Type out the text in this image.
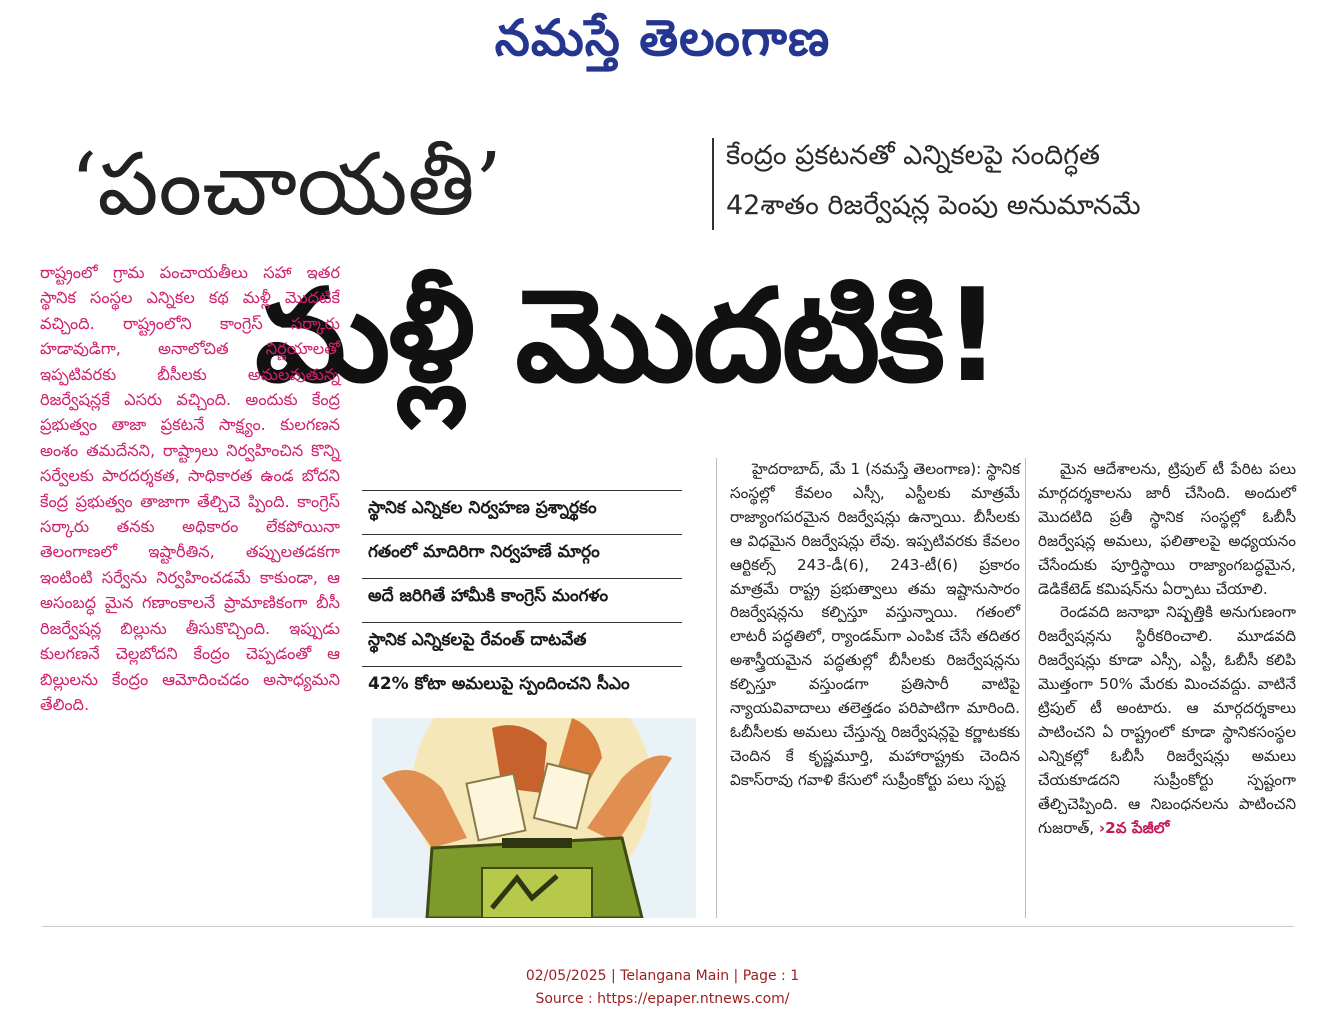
నమస్తే తెలంగాణ
‘పంచాయతీ’	కేంద్రం ప్రకటనతో ఎన్నికలపై సందిగ్ధత
42శాతం రిజర్వేషన్ల పెంపు అనుమానమే
మళ్లీ మొదటికి!

రాష్ట్రంలో గ్రామ పంచాయతీలు సహా ఇతర స్థానిక సంస్థల ఎన్నికల కథ మళ్లీ మొదటికే వచ్చింది. రాష్ట్రంలోని కాంగ్రెస్ సర్కారు హడావుడిగా, అనాలోచిత నిర్ణయాలతో ఇప్పటివరకు బీసీలకు అమలవుతున్న రిజర్వేషన్లకే ఎసరు వచ్చింది. అందుకు కేంద్ర ప్రభుత్వం తాజా ప్రకటనే సాక్ష్యం. కులగణన అంశం తమదేనని, రాష్ట్రాలు నిర్వహించిన కొన్ని సర్వేలకు పారదర్శకత, సాధికారత ఉండ బోదని కేంద్ర ప్రభుత్వం తాజాగా తేల్చిచె ప్పింది. కాంగ్రెస్ సర్కారు తనకు అధికారం లేకపోయినా తెలంగాణలో ఇష్టారీతిన, తప్పులతడకగా ఇంటింటి సర్వేను నిర్వహించడమే కాకుండా, ఆ అసంబద్ధ మైన గణాంకాలనే ప్రామాణికంగా బీసీ రిజర్వేషన్ల బిల్లును తీసుకొచ్చింది. ఇప్పుడు కులగణనే చెల్లబోదని కేంద్రం చెప్పడంతో ఆ బిల్లులను కేంద్రం ఆమోదించడం అసాధ్యమని తేలింది.

స్థానిక ఎన్నికల నిర్వహణ ప్రశ్నార్థకం
గతంలో మాదిరిగా నిర్వహణే మార్గం
అదే జరిగితే హామీకి కాంగ్రెస్ మంగళం
స్థానిక ఎన్నికలపై రేవంత్ దాటవేత
42% కోటా అమలుపై స్పందించని సీఎం

హైదరాబాద్, మే 1 (నమస్తే తెలంగాణ): స్థానిక సంస్థల్లో కేవలం ఎస్సీ, ఎస్టీలకు మాత్రమే రాజ్యాంగపరమైన రిజర్వేషన్లు ఉన్నాయి. బీసీలకు ఆ విధమైన రిజర్వేషన్లు లేవు. ఇప్పటివరకు కేవలం ఆర్టికల్స్ 243-డీ(6), 243-టీ(6) ప్రకారం మాత్రమే రాష్ట్ర ప్రభుత్వాలు తమ ఇష్టానుసారం రిజర్వేషన్లను కల్పిస్తూ వస్తున్నాయి. గతంలో లాటరీ పద్ధతిలో, ర్యాండమ్‌గా ఎంపిక చేసే తదితర అశాస్త్రీయమైన పద్ధతుల్లో బీసీలకు రిజర్వేషన్లను కల్పిస్తూ వస్తుండగా ప్రతిసారీ వాటిపై న్యాయవివాదాలు తలెత్తడం పరిపాటిగా మారింది. ఓబీసీలకు అమలు చేస్తున్న రిజర్వేషన్లపై కర్ణాటకకు చెందిన కే కృష్ణమూర్తి, మహారాష్ట్రకు చెందిన వికాస్‌రావు గవాళి కేసులో సుప్రీంకోర్టు పలు స్పష్ట

మైన ఆదేశాలను, ట్రిపుల్ టీ పేరిట పలు మార్గదర్శకాలను జారీ చేసింది. అందులో మొదటిది ప్రతీ స్థానిక సంస్థల్లో ఓబీసీ రిజర్వేషన్ల అమలు, ఫలితాలపై అధ్యయనం చేసేందుకు పూర్తిస్థాయి రాజ్యాంగబద్ధమైన, డెడికేటెడ్ కమిషన్‌ను ఏర్పాటు చేయాలి.

రెండవది జనాభా నిష్పత్తికి అనుగుణంగా రిజర్వేషన్లను స్థిరీకరించాలి. మూడవది రిజర్వేషన్లు కూడా ఎస్సీ, ఎస్టీ, ఓబీసీ కలిపి మొత్తంగా 50% మేరకు మించవద్దు. వాటినే ట్రిపుల్ టీ అంటారు. ఆ మార్గదర్శకాలు పాటించని ఏ రాష్ట్రంలో కూడా స్థానికసంస్థల ఎన్నికల్లో ఓబీసీ రిజర్వేషన్లు అమలు చేయకూడదని సుప్రీంకోర్టు స్పష్టంగా తేల్చిచెప్పింది. ఆ నిబంధనలను పాటించని గుజరాత్, ›2వ పేజీలో

02/05/2025 | Telangana Main | Page : 1
Source : https://epaper.ntnews.com/
